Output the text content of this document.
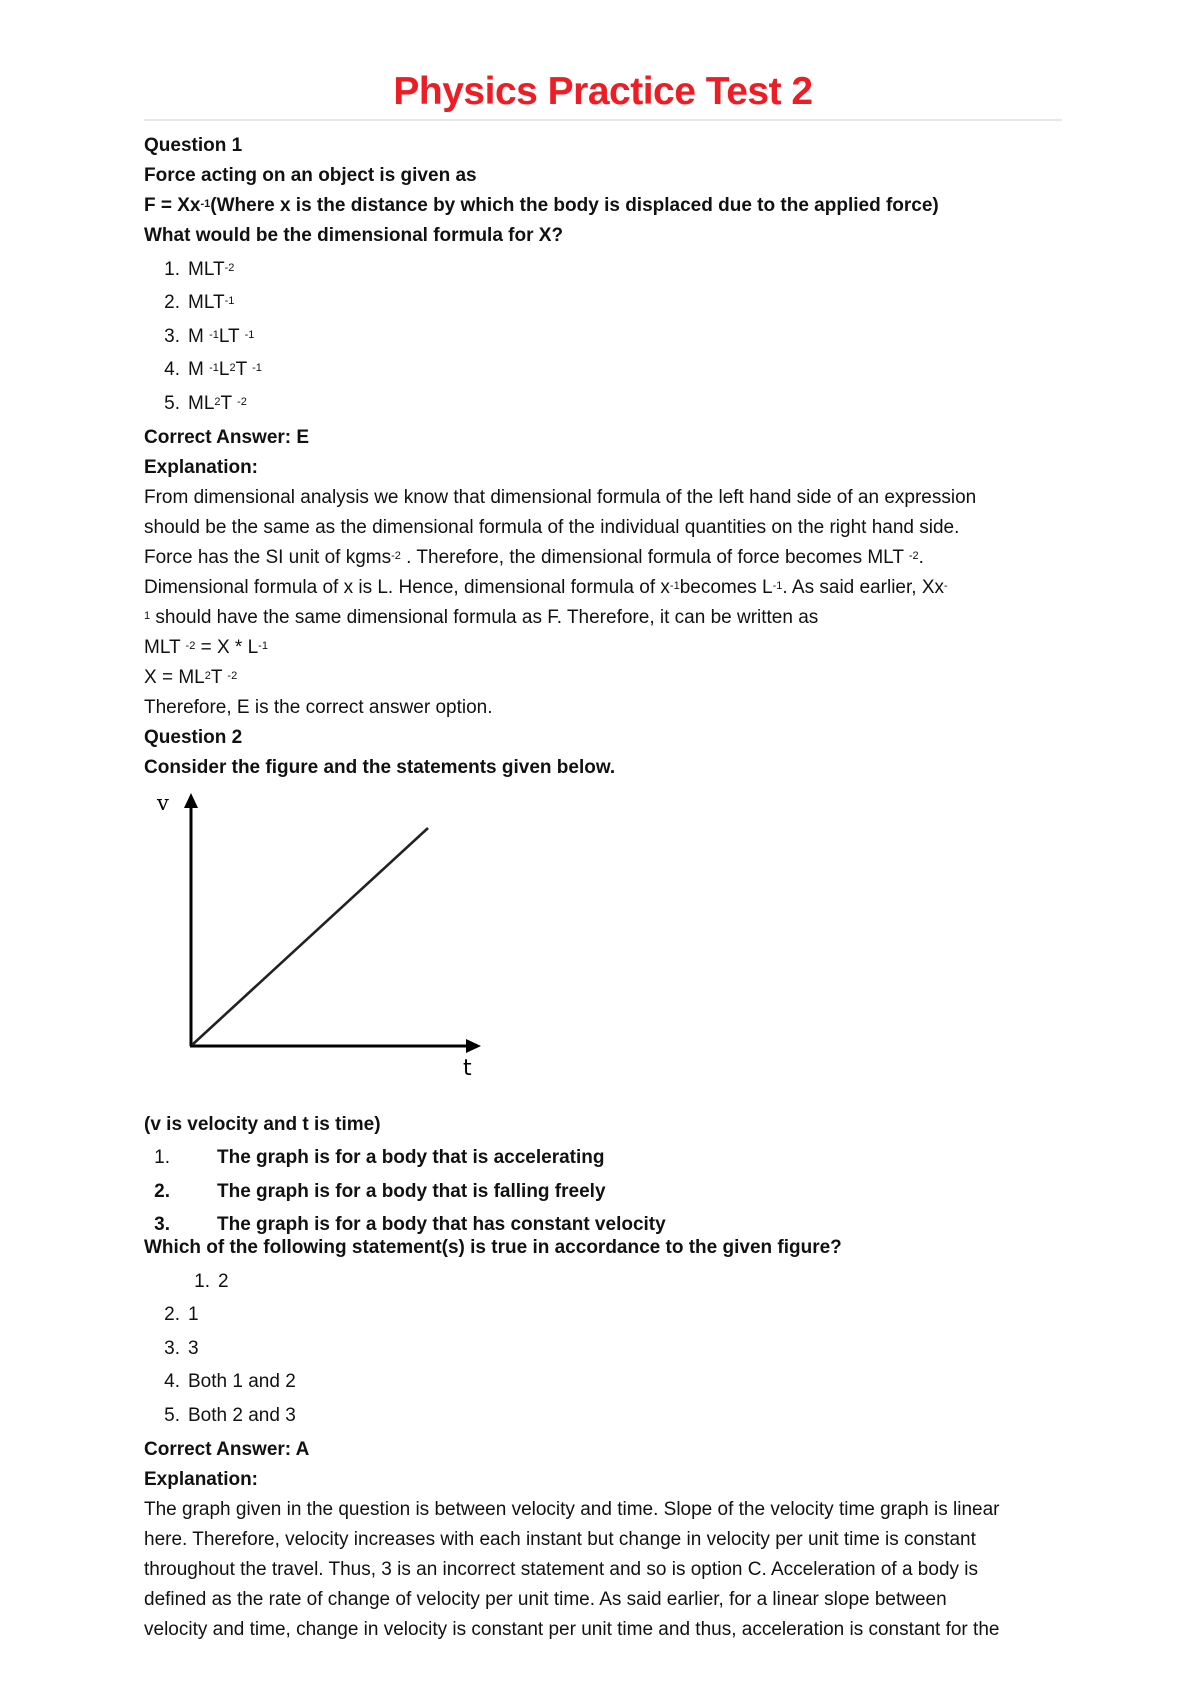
Physics Practice Test 2
Question 1
Force acting on an object is given as
$F = Xx^{-1}(Where$ x is the distance by which the body is displaced due to the applied force)
What would be the dimensional formula for X?
1. $MLT^{-2}$
2. $MLT^{-1}$
3. M $^{-1}$LT $^{-1}$
4. M $^{-1}L^2T$ $^{-1}$
5. $ML^2T$ $^{-2}$
Correct Answer: E
Explanation:
From dimensional analysis we know that dimensional formula of the left hand side of an expression
should be the same as the dimensional formula of the individual quantities on the right hand side.
Force has the SI unit of kgms$^{-2}$ . Therefore, the dimensional formula of force becomes MLT $^{-2}$.
Dimensional formula of x is L. Hence, dimensional formula of $x^{-1}becomes$ $L^{-1}$. As said earlier, Xx-
$^1$ should have the same dimensional formula as F. Therefore, it can be written as
MLT $^{-2} = X * L^{-1}$
$X = ML^2T$ $^{-2}$
Therefore, E is the correct answer option.
Question 2
Consider the figure and the statements given below.
v
t
(v is velocity and t is time)
1. The graph is for a body that is accelerating
2. The graph is for a body that is falling freely
3. The graph is for a body that has constant velocity
Which of the following statement(s) is true in accordance to the given figure?
1. 2
2. 1
3. 3
4. Both 1 and 2
5. Both 2 and 3
Correct Answer: A
Explanation:
The graph given in the question is between velocity and time. Slope of the velocity time graph is linear
here. Therefore, velocity increases with each instant but change in velocity per unit time is constant
throughout the travel. Thus, 3 is an incorrect statement and so is option C. Acceleration of a body is
defined as the rate of change of velocity per unit time. As said earlier, for a linear slope between
velocity and time, change in velocity is constant per unit time and thus, acceleration is constant for the
